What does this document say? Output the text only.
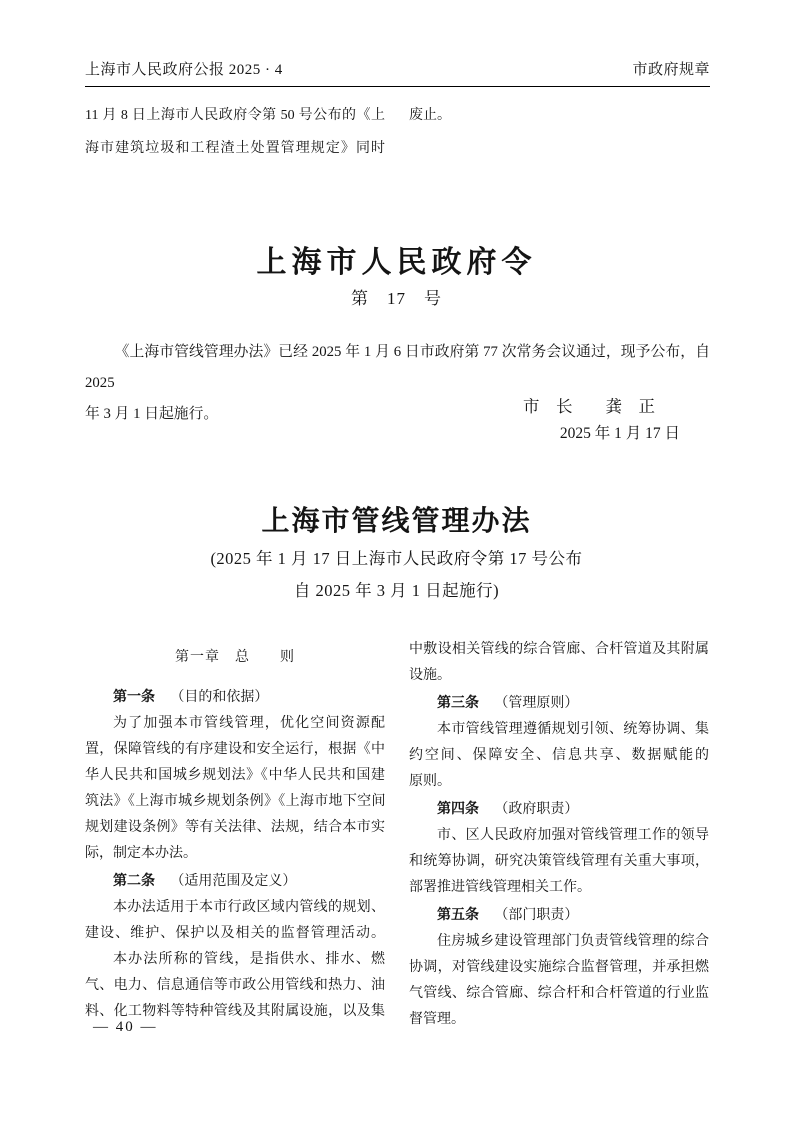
上海市人民政府公报 2025 · 4	市政府规章
11 月 8 日上海市人民政府令第 50 号公布的《上
海市建筑垃圾和工程渣土处置管理规定》同时
废止。
上海市人民政府令
第　17　号
《上海市管线管理办法》已经 2025 年 1 月 6 日市政府第 77 次常务会议通过，现予公布，自 2025
年 3 月 1 日起施行。	市　长　　龚　正
2025 年 1 月 17 日
上海市管线管理办法
(2025 年 1 月 17 日上海市人民政府令第 17 号公布
自 2025 年 3 月 1 日起施行)
第一章　总　　则
第一条 （目的和依据）
为了加强本市管线管理，优化空间资源配
置，保障管线的有序建设和安全运行，根据《中
华人民共和国城乡规划法》《中华人民共和国建
筑法》《上海市城乡规划条例》《上海市地下空间
规划建设条例》等有关法律、法规，结合本市实
际，制定本办法。
第二条 （适用范围及定义）
本办法适用于本市行政区域内管线的规划、
建设、维护、保护以及相关的监督管理活动。
本办法所称的管线，是指供水、排水、燃
气、电力、信息通信等市政公用管线和热力、油
料、化工物料等特种管线及其附属设施，以及集
中敷设相关管线的综合管廊、合杆管道及其附属
设施。
第三条 （管理原则）
本市管线管理遵循规划引领、统筹协调、集
约空间、保障安全、信息共享、数据赋能的
原则。
第四条 （政府职责）
市、区人民政府加强对管线管理工作的领导
和统筹协调，研究决策管线管理有关重大事项，
部署推进管线管理相关工作。
第五条 （部门职责）
住房城乡建设管理部门负责管线管理的综合
协调，对管线建设实施综合监督管理，并承担燃
气管线、综合管廊、综合杆和合杆管道的行业监
督管理。
— 40 —
